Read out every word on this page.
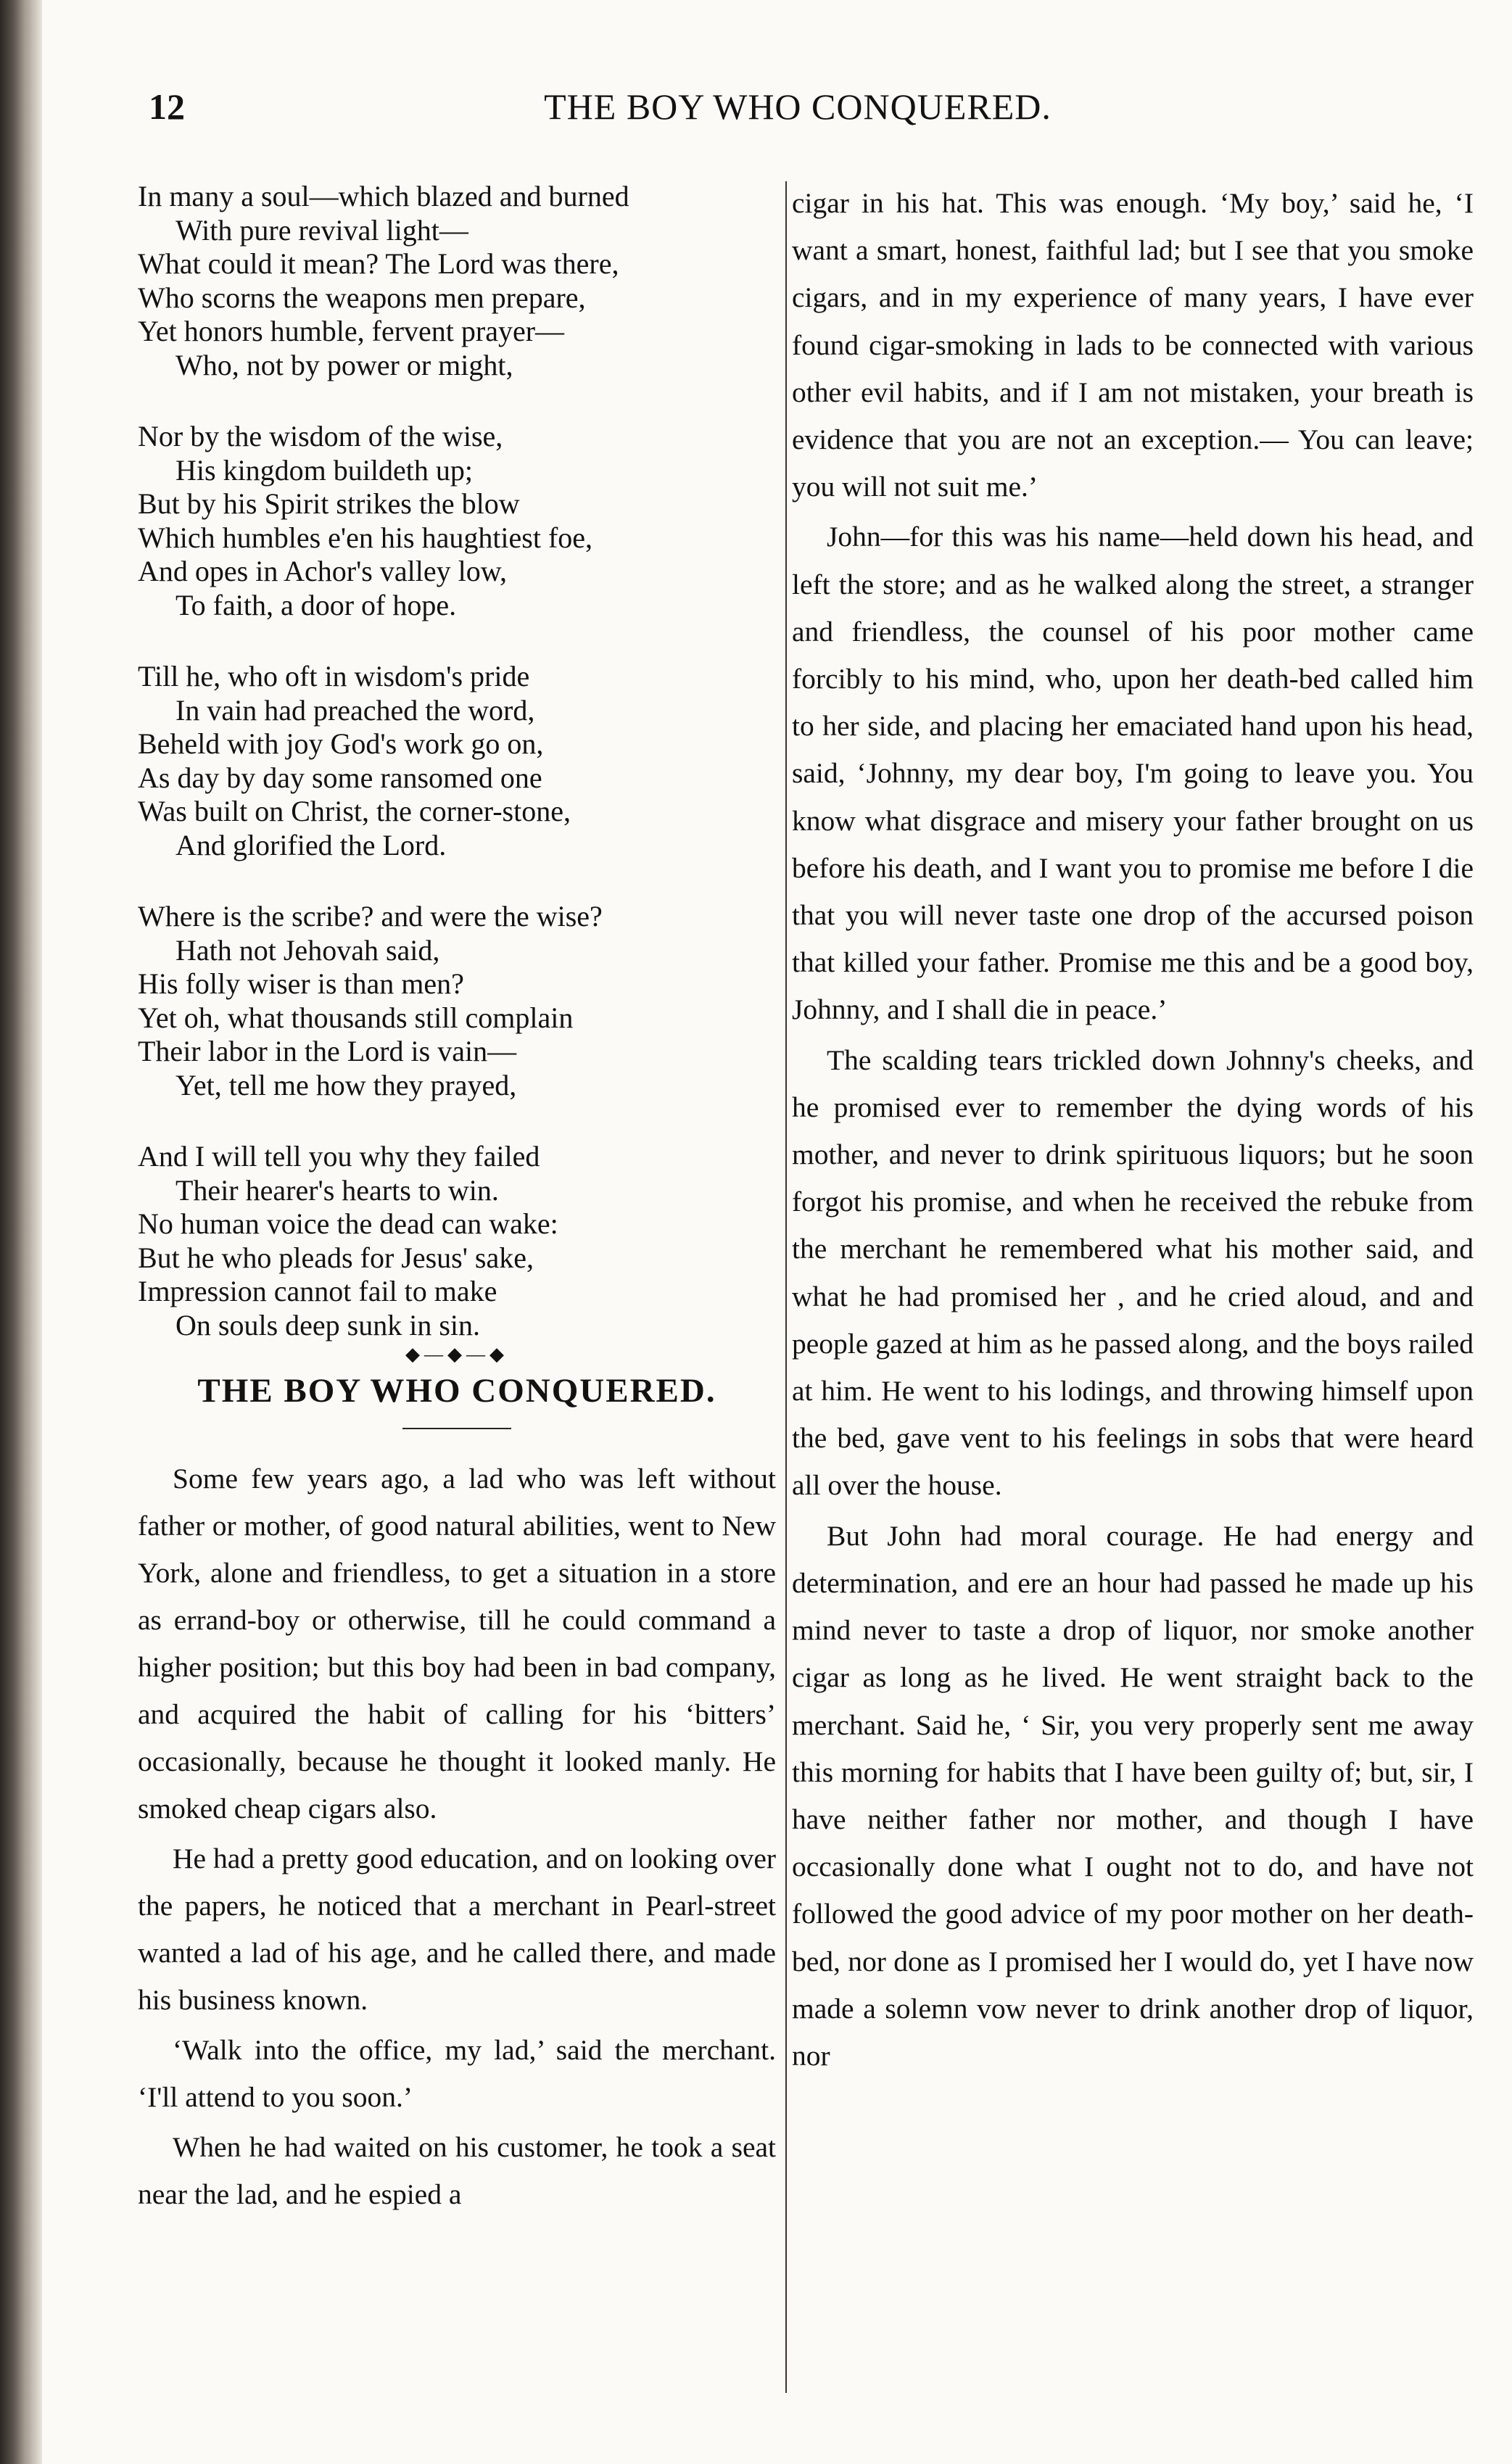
12	THE BOY WHO CONQUERED.
In many a soul—which blazed and burned
With pure revival light—
What could it mean? The Lord was there,
Who scorns the weapons men prepare,
Yet honors humble, fervent prayer—
Who, not by power or might,
Nor by the wisdom of the wise,
His kingdom buildeth up;
But by his Spirit strikes the blow
Which humbles e'en his haughtiest foe,
And opes in Achor's valley low,
To faith, a door of hope.
Till he, who oft in wisdom's pride
In vain had preached the word,
Beheld with joy God's work go on,
As day by day some ransomed one
Was built on Christ, the corner-stone,
And glorified the Lord.
Where is the scribe? and were the wise?
Hath not Jehovah said,
His folly wiser is than men?
Yet oh, what thousands still complain
Their labor in the Lord is vain—
Yet, tell me how they prayed,
And I will tell you why they failed
Their hearer's hearts to win.
No human voice the dead can wake:
But he who pleads for Jesus' sake,
Impression cannot fail to make
On souls deep sunk in sin.
◆—◆—◆
THE BOY WHO CONQUERED.

Some few years ago, a lad who was left without father or mother, of good natural abilities, went to New York, alone and friendless, to get a situation in a store as errand-boy or otherwise, till he could command a higher position; but this boy had been in bad company, and acquired the habit of calling for his ‘bitters’ occasionally, because he thought it looked manly. He smoked cheap cigars also.

He had a pretty good education, and on looking over the papers, he noticed that a merchant in Pearl-street wanted a lad of his age, and he called there, and made his business known.

‘Walk into the office, my lad,’ said the merchant. ‘I'll attend to you soon.’

When he had waited on his customer, he took a seat near the lad, and he espied a

cigar in his hat. This was enough. ‘My boy,’ said he, ‘I want a smart, honest, faithful lad; but I see that you smoke cigars, and in my experience of many years, I have ever found cigar-smoking in lads to be connected with various other evil habits, and if I am not mistaken, your breath is evidence that you are not an exception.— You can leave; you will not suit me.’

John—for this was his name—held down his head, and left the store; and as he walked along the street, a stranger and friendless, the counsel of his poor mother came forcibly to his mind, who, upon her death-bed called him to her side, and placing her emaciated hand upon his head, said, ‘Johnny, my dear boy, I'm going to leave you. You know what disgrace and misery your father brought on us before his death, and I want you to promise me before I die that you will never taste one drop of the accursed poison that killed your father. Promise me this and be a good boy, Johnny, and I shall die in peace.’

The scalding tears trickled down Johnny's cheeks, and he promised ever to remember the dying words of his mother, and never to drink spirituous liquors; but he soon forgot his promise, and when he received the rebuke from the merchant he remembered what his mother said, and what he had promised her , and he cried aloud, and and people gazed at him as he passed along, and the boys railed at him. He went to his lodings, and throwing himself upon the bed, gave vent to his feelings in sobs that were heard all over the house.

But John had moral courage. He had energy and determination, and ere an hour had passed he made up his mind never to taste a drop of liquor, nor smoke another cigar as long as he lived. He went straight back to the merchant. Said he, ‘ Sir, you very properly sent me away this morning for habits that I have been guilty of; but, sir, I have neither father nor mother, and though I have occasionally done what I ought not to do, and have not followed the good advice of my poor mother on her death-bed, nor done as I promised her I would do, yet I have now made a solemn vow never to drink another drop of liquor, nor
